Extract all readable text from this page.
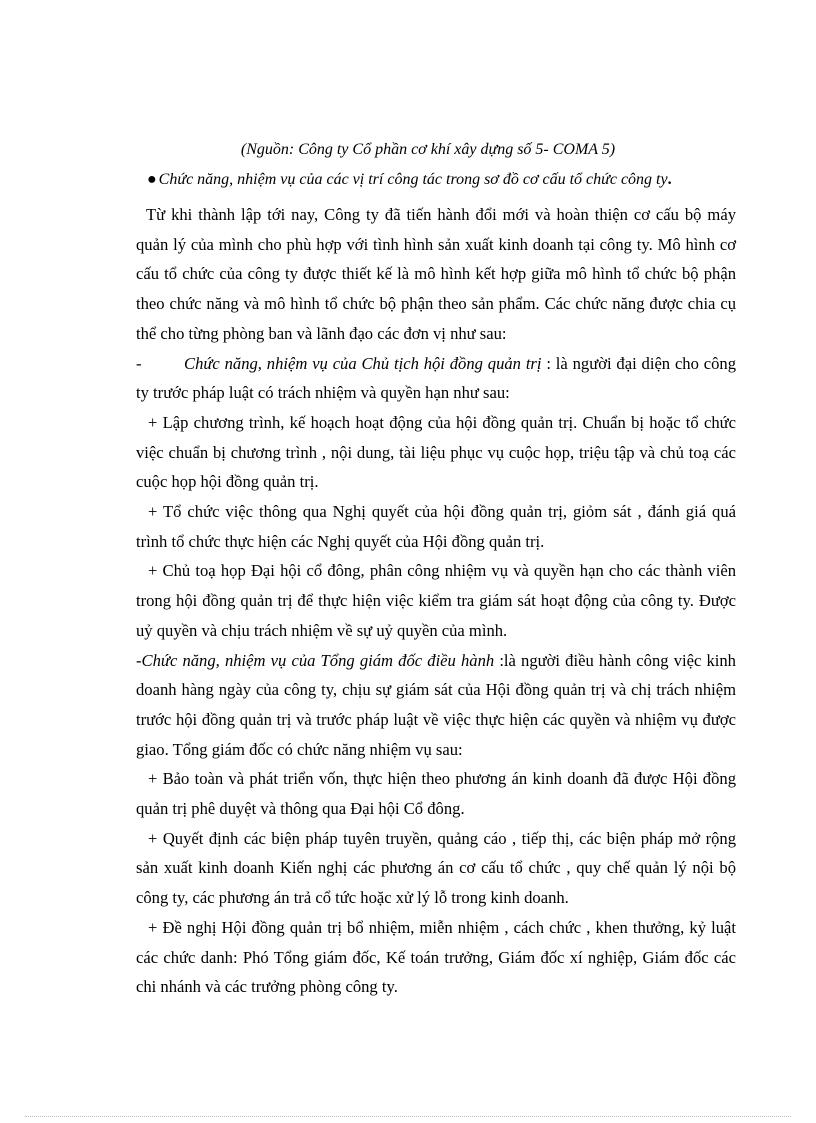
(Nguồn: Công ty Cổ phần cơ khí xây dựng số 5- COMA 5)
● Chức năng, nhiệm vụ của các vị trí công tác trong sơ đồ cơ cấu tổ chức công ty.

Từ khi thành lập tới nay, Công ty đã tiến hành đổi mới và hoàn thiện cơ cấu bộ máy quản lý của mình cho phù hợp với tình hình sản xuất kinh doanh tại công ty. Mô hình cơ cấu tổ chức của công ty được thiết kế là mô hình kết hợp giữa mô hình tổ chức bộ phận theo chức năng và mô hình tổ chức bộ phận theo sản phẩm. Các chức năng được chia cụ thể cho từng phòng ban và lãnh đạo các đơn vị như sau:

-	Chức năng, nhiệm vụ của Chủ tịch hội đồng quản trị : là người đại diện cho công ty trước pháp luật có trách nhiệm và quyền hạn như sau:

+ Lập chương trình, kế hoạch hoạt động của hội đồng quản trị. Chuẩn bị hoặc tổ chức việc chuẩn bị chương trình , nội dung, tài liệu phục vụ cuộc họp, triệu tập và chủ toạ các cuộc họp hội đồng quản trị.

+ Tổ chức việc thông qua Nghị quyết của hội đồng quản trị, giỏm sát , đánh giá quá trình tổ chức thực hiện các Nghị quyết của Hội đồng quản trị.

+ Chủ toạ họp Đại hội cổ đông, phân công nhiệm vụ và quyền hạn cho các thành viên trong hội đồng quản trị để thực hiện việc kiểm tra giám sát hoạt động của công ty. Được uỷ quyền và chịu trách nhiệm về sự uỷ quyền của mình.

-Chức năng, nhiệm vụ của Tổng giám đốc điều hành :là người điều hành công việc kinh doanh hàng ngày của công ty, chịu sự giám sát của Hội đồng quản trị và chị trách nhiệm trước hội đồng quản trị và trước pháp luật về việc thực hiện các quyền và nhiệm vụ được giao. Tổng giám đốc có chức năng nhiệm vụ sau:

+ Bảo toàn và phát triển vốn, thực hiện theo phương án kinh doanh đã được Hội đồng quản trị phê duyệt và thông qua Đại hội Cổ đông.

+ Quyết định các biện pháp tuyên truyền, quảng cáo , tiếp thị, các biện pháp mở rộng sản xuất kinh doanh Kiến nghị các phương án cơ cấu tổ chức , quy chế quản lý nội bộ công ty, các phương án trả cổ tức hoặc xử lý lỗ trong kinh doanh.

+ Đề nghị Hội đồng quản trị bổ nhiệm, miễn nhiệm , cách chức , khen thưởng, kỷ luật các chức danh: Phó Tổng giám đốc, Kế toán trưởng, Giám đốc xí nghiệp, Giám đốc các chi nhánh và các trưởng phòng công ty.
